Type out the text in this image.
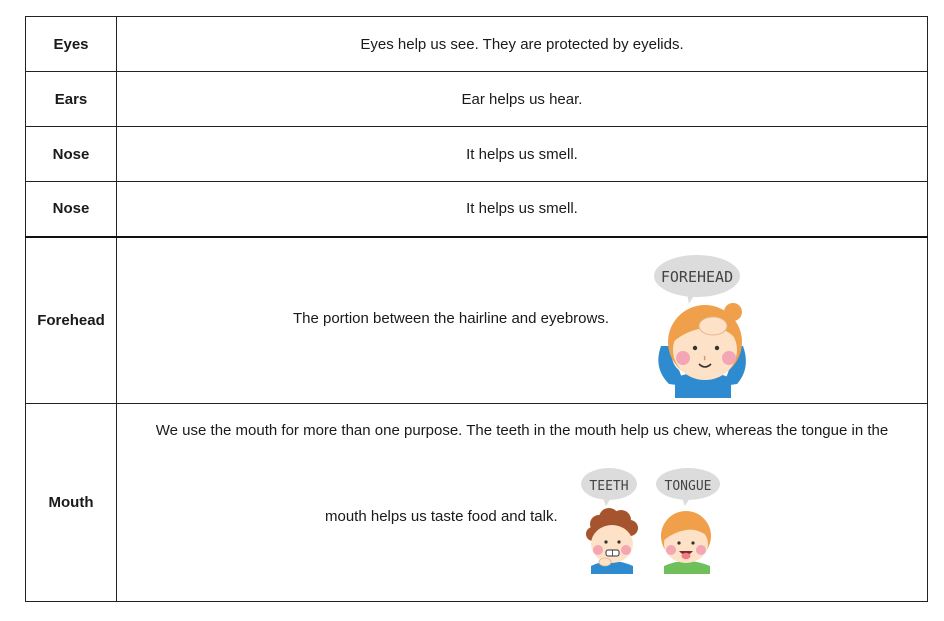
Eyes	Eyes help us see. They are protected by eyelids.
Ears	Ear helps us hear.
Nose	It helps us smell.
Nose	It helps us smell.
Forehead	The portion between the hairline and eyebrows.
FOREHEAD

Mouth	We use the mouth for more than one purpose. The teeth in the mouth help us chew, whereas the tongue in the
mouth helps us taste food and talk.
TEETH TONGUE
